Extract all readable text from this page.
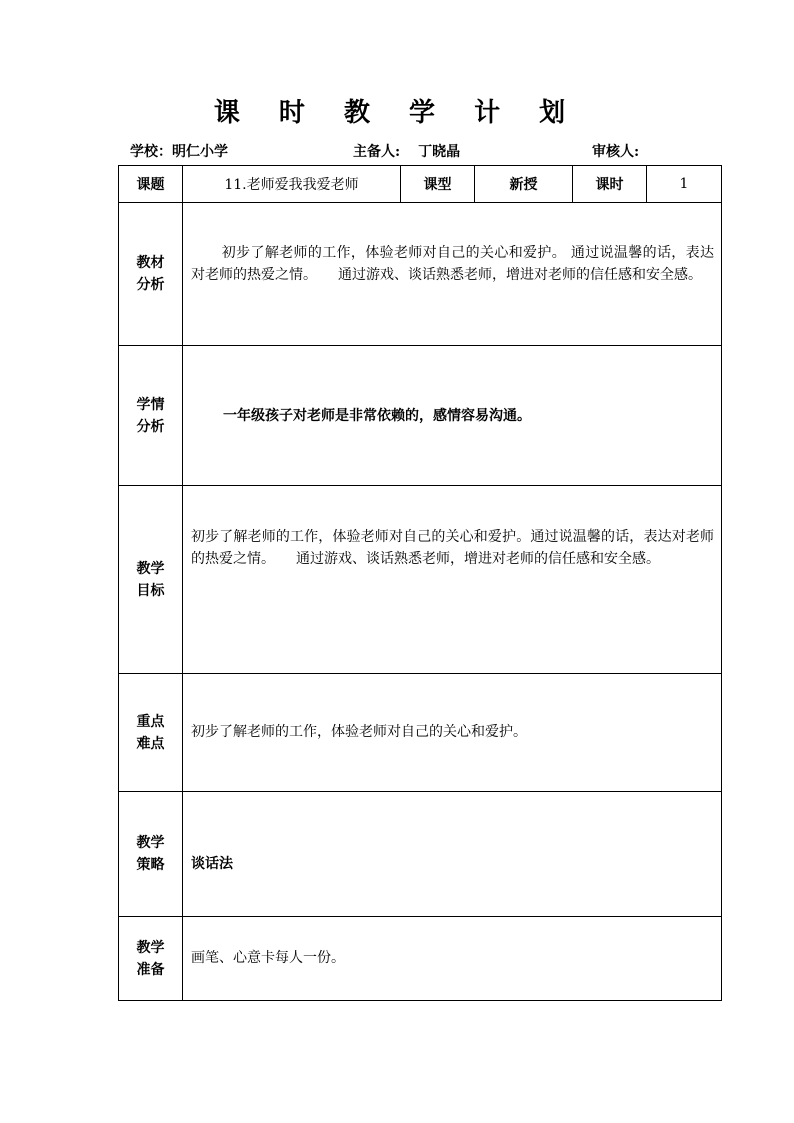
课 时 教 学 计 划
学校：明仁小学	主备人: 丁晓晶	审核人:
课题	11.老师爱我我爱老师	课型	新授	课时	1

教材
分析	初步了解老师的工作，体验老师对自己的关心和爱护。 通过说温馨的话，表达对老师的热爱之情。　　通过游戏、谈话熟悉老师，增进对老师的信任感和安全感。				

学情
分析	一年级孩子对老师是非常依赖的，感情容易沟通。				

教学
目标	初步了解老师的工作，体验老师对自己的关心和爱护。通过说温馨的话，表达对老师的热爱之情。　　通过游戏、谈话熟悉老师，增进对老师的信任感和安全感。				

重点
难点	初步了解老师的工作，体验老师对自己的关心和爱护。				

教学
策略	谈话法				

教学
准备	画笔、心意卡每人一份。				
